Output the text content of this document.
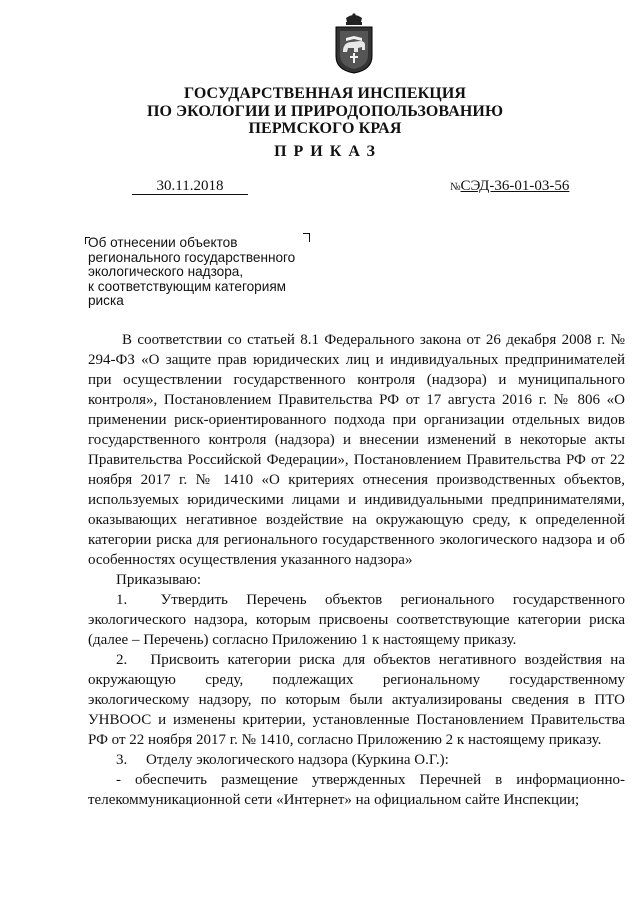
ГОСУДАРСТВЕННАЯ ИНСПЕКЦИЯ
ПО ЭКОЛОГИИ И ПРИРОДОПОЛЬЗОВАНИЮ
ПЕРМСКОГО КРАЯ
ПРИКАЗ
30.11.2018	№СЭД-36-01-03-56
Об отнесении объектов
регионального государственного
экологического надзора,
к соответствующим категориям
риска

В соответствии со статьей 8.1 Федерального закона от 26 декабря 2008 г. № 294-ФЗ «О защите прав юридических лиц и индивидуальных предпринимателей при осуществлении государственного контроля (надзора) и муниципального контроля», Постановлением Правительства РФ от 17 августа 2016 г. № 806 «О применении риск-ориентированного подхода при организации отдельных видов государственного контроля (надзора) и внесении изменений в некоторые акты Правительства Российской Федерации», Постановлением Правительства РФ от 22 ноября 2017 г. № 1410 «О критериях отнесения производственных объектов, используемых юридическими лицами и индивидуальными предпринимателями, оказывающих негативное воздействие на окружающую среду, к определенной категории риска для регионального государственного экологического надзора и об особенностях осуществления указанного надзора»

Приказываю:

1.  Утвердить Перечень объектов регионального государственного экологического надзора, которым присвоены соответствующие категории риска (далее – Перечень) согласно Приложению 1 к настоящему приказу.

2.  Присвоить категории риска для объектов негативного воздействия на окружающую среду, подлежащих региональному государственному экологическому надзору, по которым были актуализированы сведения в ПТО УНВООС и изменены критерии, установленные Постановлением Правительства РФ от 22 ноября 2017 г. № 1410, согласно Приложению 2 к настоящему приказу.

3.  Отделу экологического надзора (Куркина О.Г.):

- обеспечить размещение утвержденных Перечней в информационно-телекоммуникационной сети «Интернет» на официальном сайте Инспекции;
